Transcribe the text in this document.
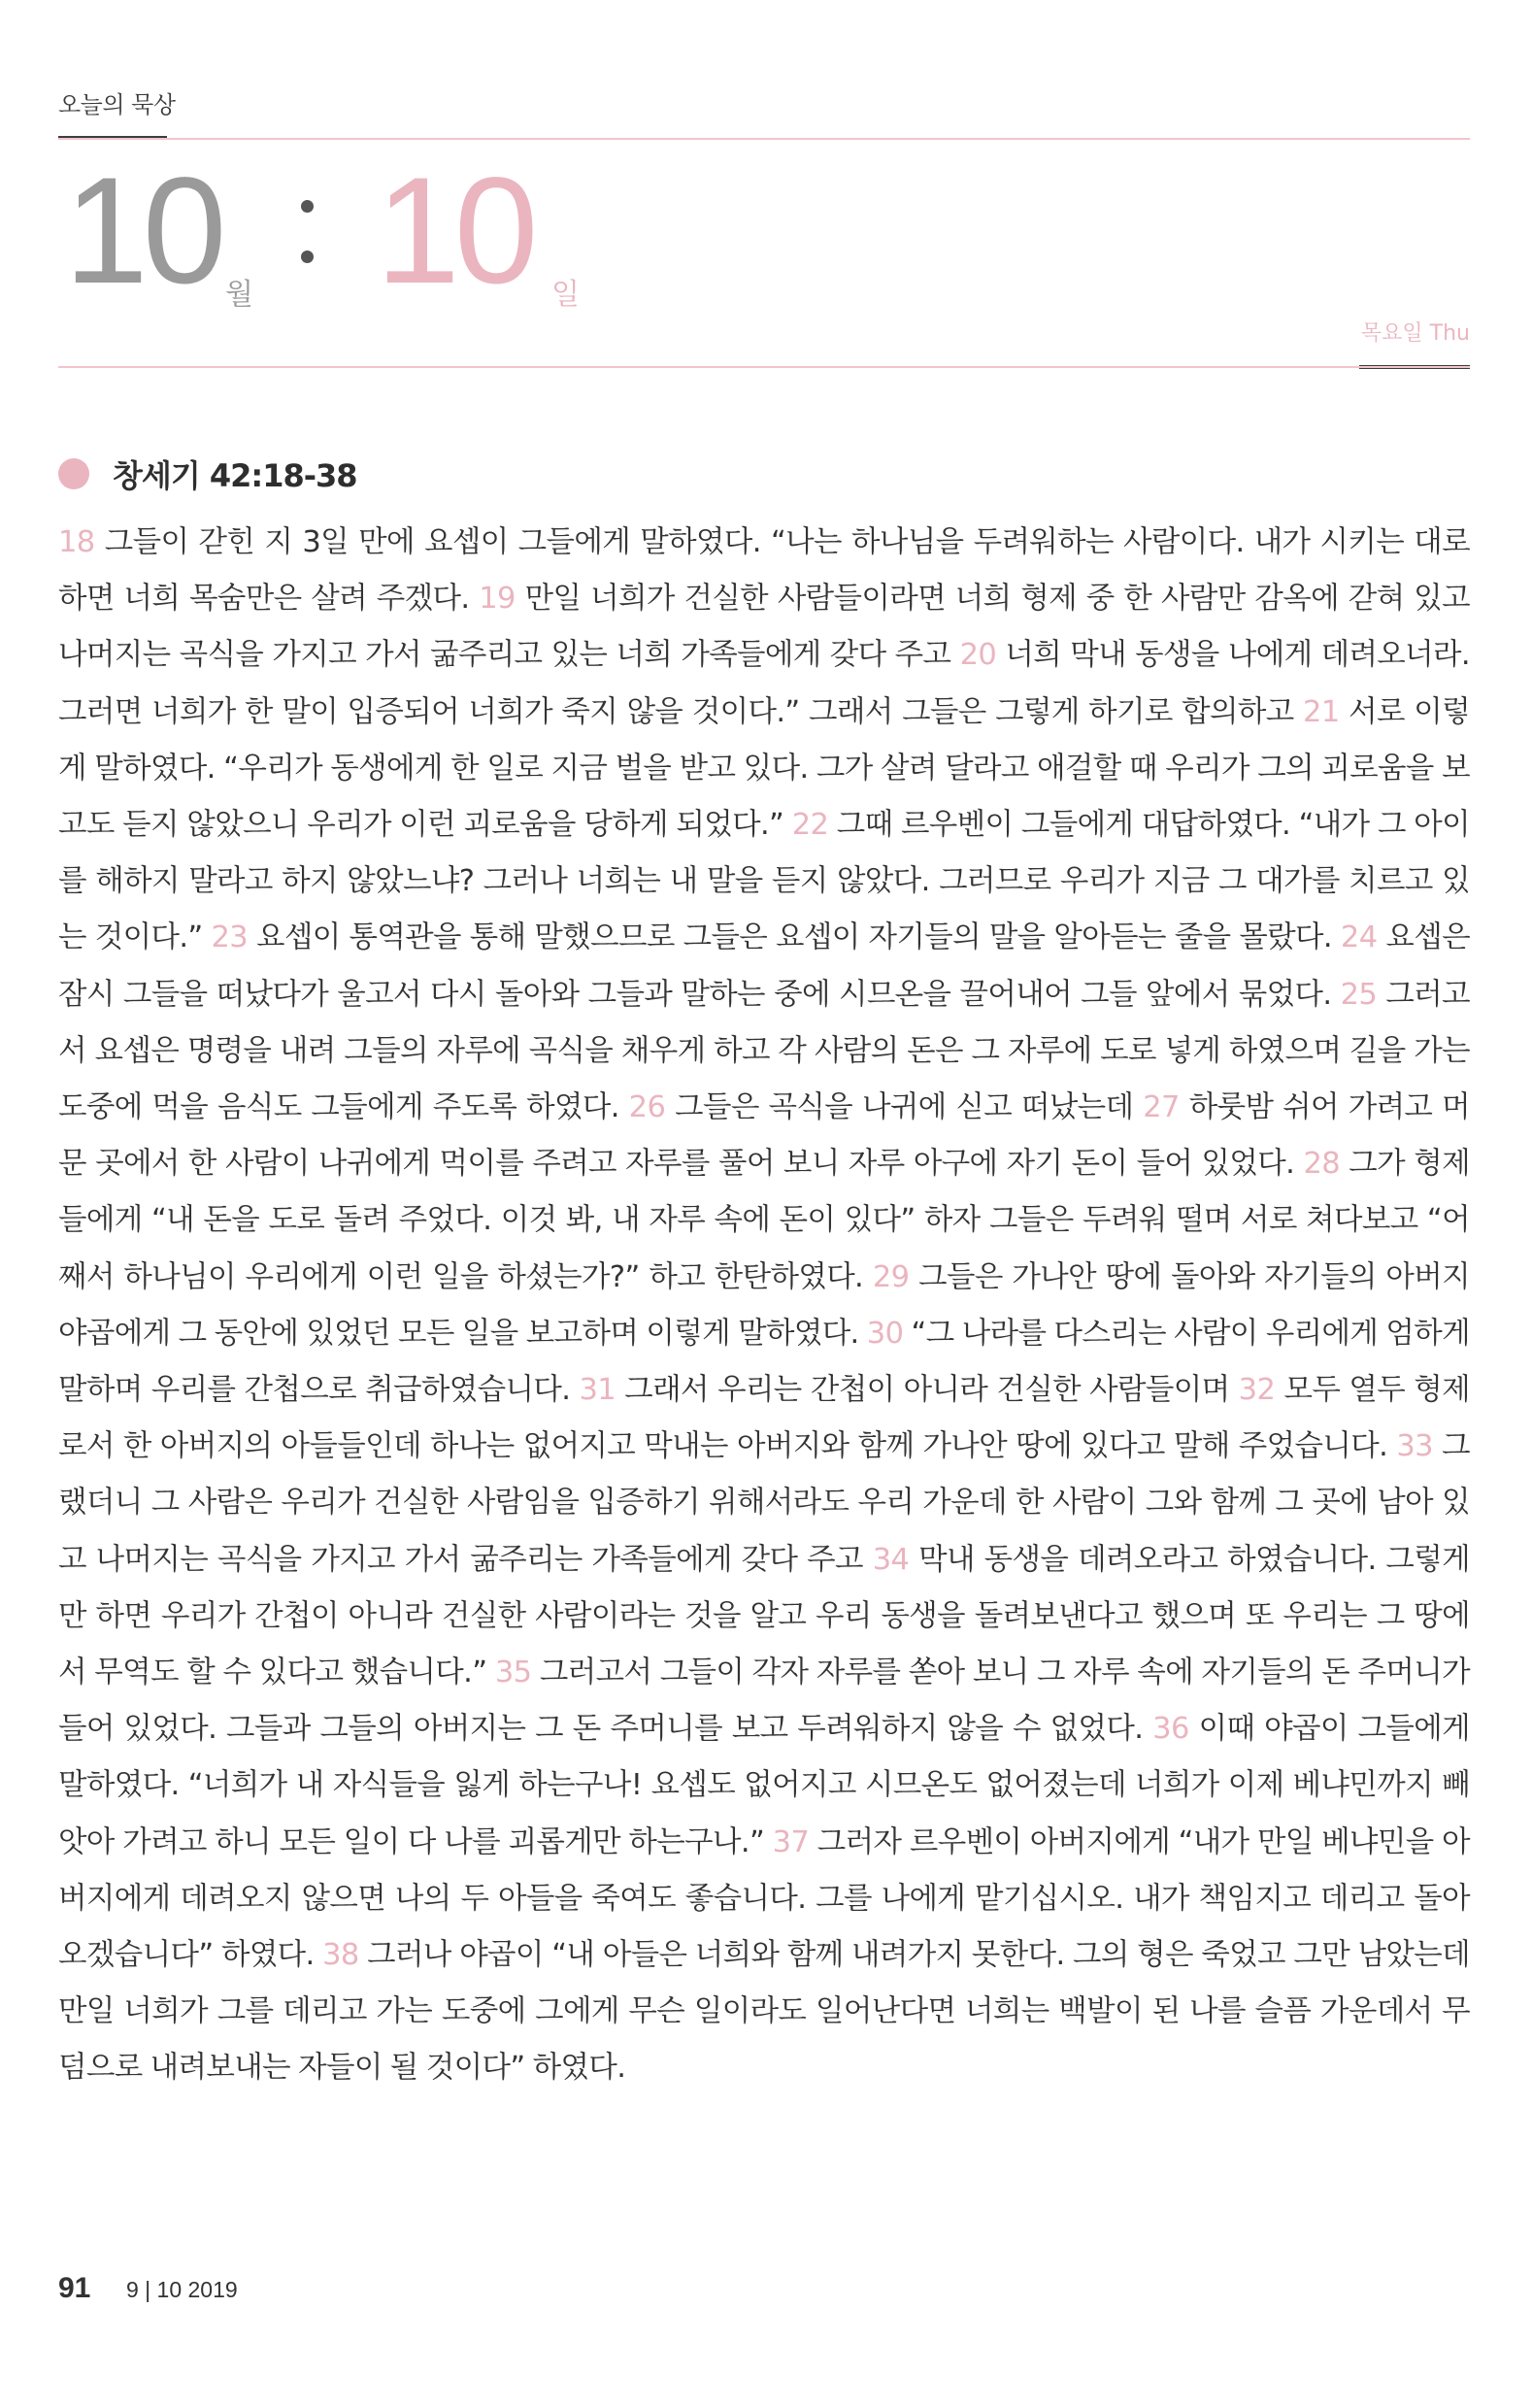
오늘의 묵상
10 월 10 일
목요일 Thu
창세기 42:18-38
18 그들이 갇힌 지 3일 만에 요셉이 그들에게 말하였다. “나는 하나님을 두려워하는 사람이다. 내가 시키는 대로 하면 너희 목숨만은 살려 주겠다. 19 만일 너희가 건실한 사람들이라면 너희 형제 중 한 사람만 감옥에 갇혀 있고 나머지는 곡식을 가지고 가서 굶주리고 있는 너희 가족들에게 갖다 주고 20 너희 막내 동생을 나에게 데려오너라. 그러면 너희가 한 말이 입증되어 너희가 죽지 않을 것이다.” 그래서 그들은 그렇게 하기로 합의하고 21 서로 이렇게 말하였다. “우리가 동생에게 한 일로 지금 벌을 받고 있다. 그가 살려 달라고 애걸할 때 우리가 그의 괴로움을 보고도 듣지 않았으니 우리가 이런 괴로움을 당하게 되었다.” 22 그때 르우벤이 그들에게 대답하였다. “내가 그 아이를 해하지 말라고 하지 않았느냐? 그러나 너희는 내 말을 듣지 않았다. 그러므로 우리가 지금 그 대가를 치르고 있는 것이다.” 23 요셉이 통역관을 통해 말했으므로 그들은 요셉이 자기들의 말을 알아듣는 줄을 몰랐다. 24 요셉은 잠시 그들을 떠났다가 울고서 다시 돌아와 그들과 말하는 중에 시므온을 끌어내어 그들 앞에서 묶었다. 25 그러고서 요셉은 명령을 내려 그들의 자루에 곡식을 채우게 하고 각 사람의 돈은 그 자루에 도로 넣게 하였으며 길을 가는 도중에 먹을 음식도 그들에게 주도록 하였다. 26 그들은 곡식을 나귀에 싣고 떠났는데 27 하룻밤 쉬어 가려고 머문 곳에서 한 사람이 나귀에게 먹이를 주려고 자루를 풀어 보니 자루 아구에 자기 돈이 들어 있었다. 28 그가 형제들에게 “내 돈을 도로 돌려 주었다. 이것 봐, 내 자루 속에 돈이 있다” 하자 그들은 두려워 떨며 서로 쳐다보고 “어째서 하나님이 우리에게 이런 일을 하셨는가?” 하고 한탄하였다. 29 그들은 가나안 땅에 돌아와 자기들의 아버지 야곱에게 그 동안에 있었던 모든 일을 보고하며 이렇게 말하였다. 30 “그 나라를 다스리는 사람이 우리에게 엄하게 말하며 우리를 간첩으로 취급하였습니다. 31 그래서 우리는 간첩이 아니라 건실한 사람들이며 32 모두 열두 형제로서 한 아버지의 아들들인데 하나는 없어지고 막내는 아버지와 함께 가나안 땅에 있다고 말해 주었습니다. 33 그랬더니 그 사람은 우리가 건실한 사람임을 입증하기 위해서라도 우리 가운데 한 사람이 그와 함께 그 곳에 남아 있고 나머지는 곡식을 가지고 가서 굶주리는 가족들에게 갖다 주고 34 막내 동생을 데려오라고 하였습니다. 그렇게만 하면 우리가 간첩이 아니라 건실한 사람이라는 것을 알고 우리 동생을 돌려보낸다고 했으며 또 우리는 그 땅에서 무역도 할 수 있다고 했습니다.” 35 그러고서 그들이 각자 자루를 쏟아 보니 그 자루 속에 자기들의 돈 주머니가 들어 있었다. 그들과 그들의 아버지는 그 돈 주머니를 보고 두려워하지 않을 수 없었다. 36 이때 야곱이 그들에게 말하였다. “너희가 내 자식들을 잃게 하는구나! 요셉도 없어지고 시므온도 없어졌는데 너희가 이제 베냐민까지 빼앗아 가려고 하니 모든 일이 다 나를 괴롭게만 하는구나.” 37 그러자 르우벤이 아버지에게 “내가 만일 베냐민을 아버지에게 데려오지 않으면 나의 두 아들을 죽여도 좋습니다. 그를 나에게 맡기십시오. 내가 책임지고 데리고 돌아오겠습니다” 하였다. 38 그러나 야곱이 “내 아들은 너희와 함께 내려가지 못한다. 그의 형은 죽었고 그만 남았는데 만일 너희가 그를 데리고 가는 도중에 그에게 무슨 일이라도 일어난다면 너희는 백발이 된 나를 슬픔 가운데서 무덤으로 내려보내는 자들이 될 것이다” 하였다.
91 9 | 10 2019
